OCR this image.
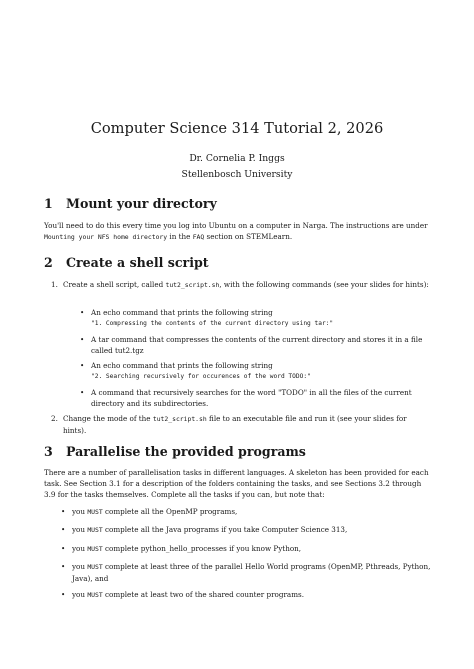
Computer Science 314 Tutorial 2, 2026
Dr. Cornelia P. Inggs
Stellenbosch University
1 Mount your directory
You'll need to do this every time you log into Ubuntu on a computer in Narga. The instructions are under Mounting your NFS home directory in the FAQ section on STEMLearn.
2 Create a shell script
1. Create a shell script, called tut2_script.sh, with the following commands (see your slides for hints):
• An echo command that prints the following string
"1. Compressing the contents of the current directory using tar:"
• A tar command that compresses the contents of the current directory and stores it in a file called tut2.tgz
• An echo command that prints the following string
"2. Searching recursively for occurences of the word TODO:"
• A command that recursively searches for the word "TODO" in all the files of the current directory and its subdirectories.
2. Change the mode of the tut2_script.sh file to an executable file and run it (see your slides for hints).
3 Parallelise the provided programs
There are a number of parallelisation tasks in different languages. A skeleton has been provided for each task. See Section 3.1 for a description of the folders containing the tasks, and see Sections 3.2 through 3.9 for the tasks themselves. Complete all the tasks if you can, but note that:
• you MUST complete all the OpenMP programs,
• you MUST complete all the Java programs if you take Computer Science 313,
• you MUST complete python_hello_processes if you know Python,
• you MUST complete at least three of the parallel Hello World programs (OpenMP, Pthreads, Python, Java), and
• you MUST complete at least two of the shared counter programs.
